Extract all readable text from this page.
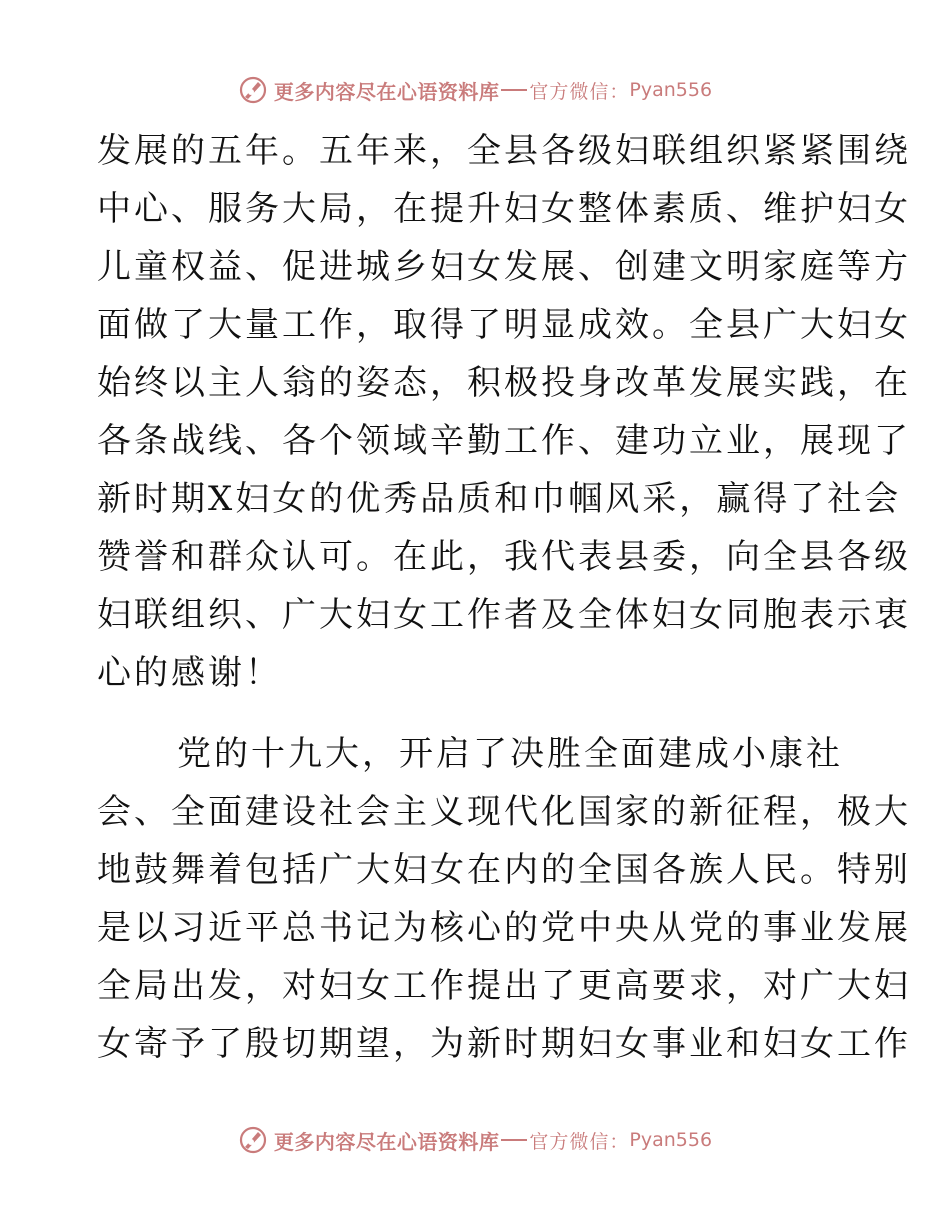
更多内容尽在心语资料库 官方微信： Pyan556
发展的五年。五年来，全县各级妇联组织紧紧围绕
中心、服务大局，在提升妇女整体素质、维护妇女
儿童权益、促进城乡妇女发展、创建文明家庭等方
面做了大量工作，取得了明显成效。全县广大妇女
始终以主人翁的姿态，积极投身改革发展实践，在
各条战线、各个领域辛勤工作、建功立业，展现了
新时期X妇女的优秀品质和巾帼风采，赢得了社会
赞誉和群众认可。在此，我代表县委，向全县各级
妇联组织、广大妇女工作者及全体妇女同胞表示衷
心的感谢！
党的十九大，开启了决胜全面建成小康社
会、全面建设社会主义现代化国家的新征程，极大
地鼓舞着包括广大妇女在内的全国各族人民。特别
是以习近平总书记为核心的党中央从党的事业发展
全局出发，对妇女工作提出了更高要求，对广大妇
女寄予了殷切期望，为新时期妇女事业和妇女工作
更多内容尽在心语资料库 官方微信： Pyan556
